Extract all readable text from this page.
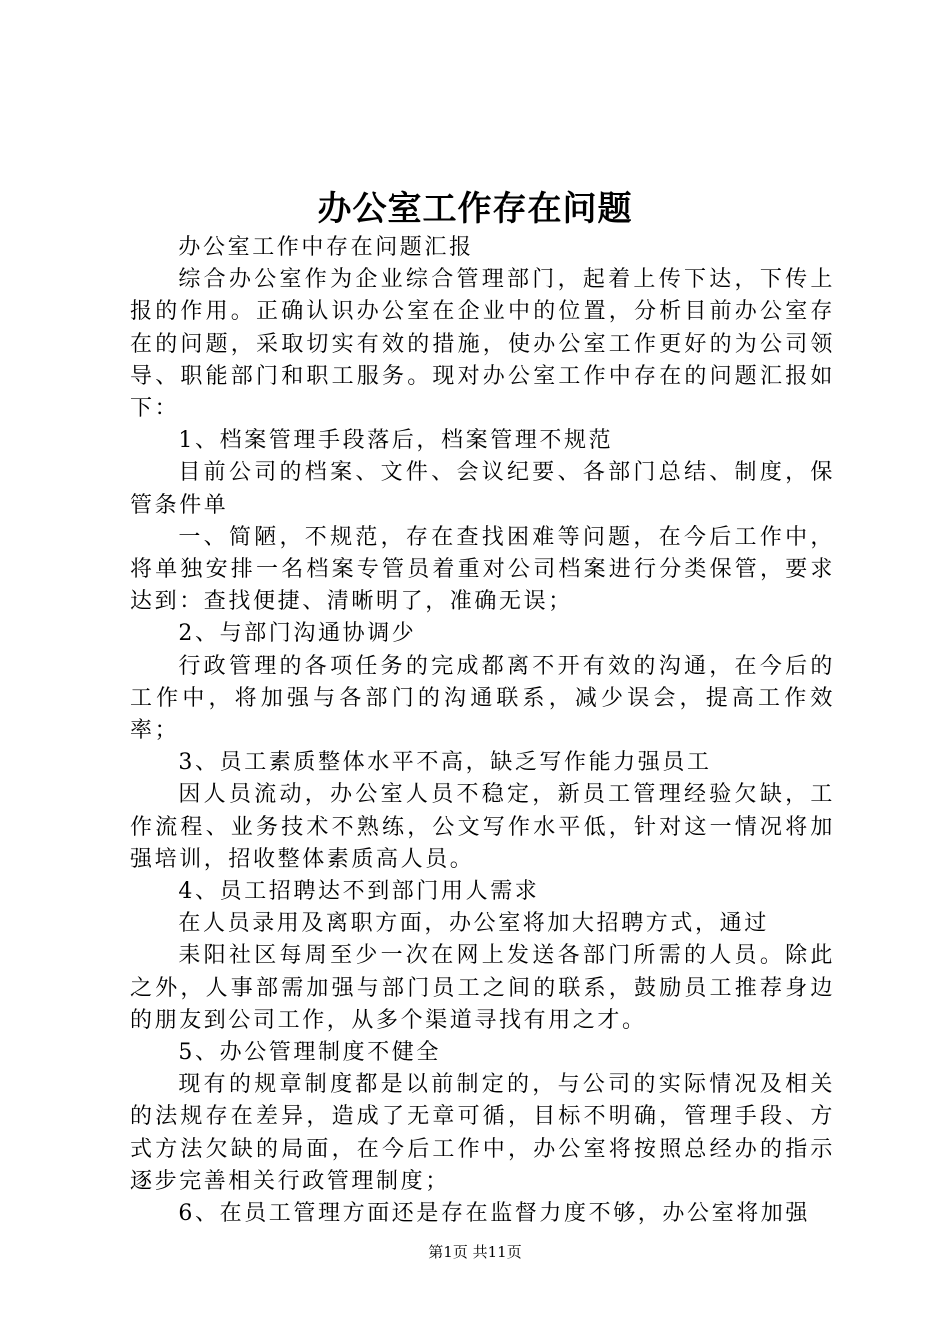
办公室工作存在问题

办公室工作中存在问题汇报

综合办公室作为企业综合管理部门，起着上传下达，下传上报的作用。正确认识办公室在企业中的位置，分析目前办公室存在的问题，采取切实有效的措施，使办公室工作更好的为公司领导、职能部门和职工服务。现对办公室工作中存在的问题汇报如下：

1、档案管理手段落后，档案管理不规范

目前公司的档案、文件、会议纪要、各部门总结、制度，保管条件单

一、简陋，不规范，存在查找困难等问题，在今后工作中，将单独安排一名档案专管员着重对公司档案进行分类保管，要求达到：查找便捷、清晰明了，准确无误；

2、与部门沟通协调少

行政管理的各项任务的完成都离不开有效的沟通，在今后的工作中，将加强与各部门的沟通联系，减少误会，提高工作效率；

3、员工素质整体水平不高，缺乏写作能力强员工

因人员流动，办公室人员不稳定，新员工管理经验欠缺，工作流程、业务技术不熟练，公文写作水平低，针对这一情况将加强培训，招收整体素质高人员。

4、员工招聘达不到部门用人需求

在人员录用及离职方面，办公室将加大招聘方式，通过

耒阳社区每周至少一次在网上发送各部门所需的人员。除此之外，人事部需加强与部门员工之间的联系，鼓励员工推荐身边的朋友到公司工作，从多个渠道寻找有用之才。

5、办公管理制度不健全

现有的规章制度都是以前制定的，与公司的实际情况及相关的法规存在差异，造成了无章可循，目标不明确，管理手段、方式方法欠缺的局面，在今后工作中，办公室将按照总经办的指示逐步完善相关行政管理制度；

6、在员工管理方面还是存在监督力度不够，办公室将加强

第1页 共11页
